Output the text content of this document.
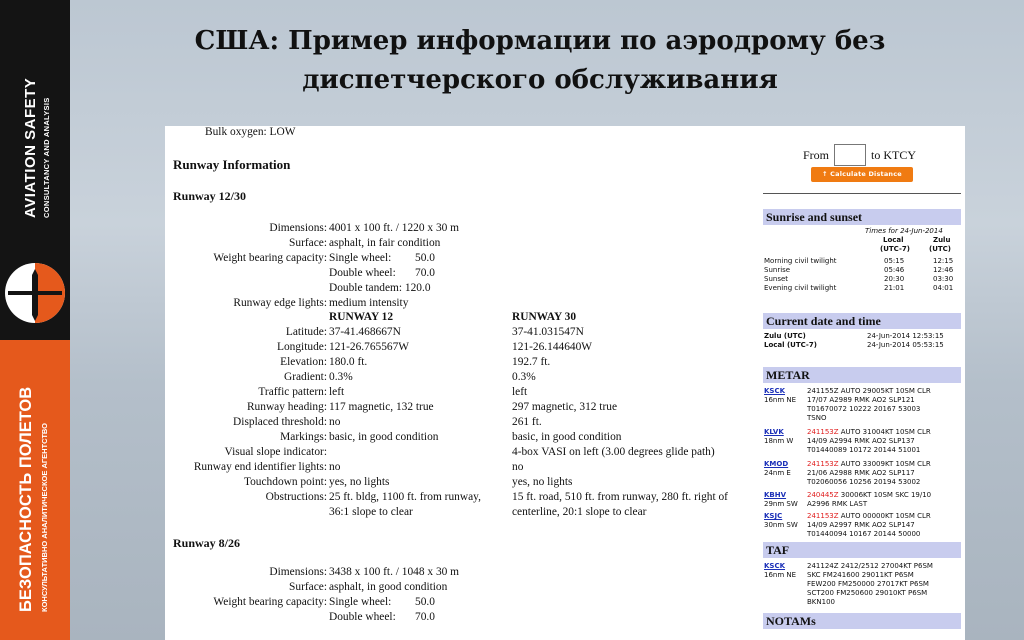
AVIATION SAFETY CONSULTANCY AND ANALYSIS
БЕЗОПАСНОСТЬ ПОЛЕТОВ КОНСУЛЬТАТИВНО АНАЛИТИЧЕСКОЕ АГЕНТСТВО
США: Пример информации по аэродрому без
диспетчерского обслуживания
Bulk oxygen: LOW
Runway Information
Runway 12/30
Dimensions: 4001 x 100 ft. / 1220 x 30 m
Surface: asphalt, in fair condition
Weight bearing capacity: Single wheel: 50.0
Double wheel: 70.0
Double tandem: 120.0
Runway edge lights: medium intensity
RUNWAY 12	RUNWAY 30
Latitude: 37-41.468667N	37-41.031547N
Longitude: 121-26.765567W	121-26.144640W
Elevation: 180.0 ft.	192.7 ft.
Gradient: 0.3%	0.3%
Traffic pattern: left	left
Runway heading: 117 magnetic, 132 true	297 magnetic, 312 true
Displaced threshold: no	261 ft.
Markings: basic, in good condition	basic, in good condition
Visual slope indicator:	4-box VASI on left (3.00 degrees glide path)
Runway end identifier lights: no	no
Touchdown point: yes, no lights	yes, no lights
Obstructions: 25 ft. bldg, 1100 ft. from runway,	15 ft. road, 510 ft. from runway, 280 ft. right of
36:1 slope to clear	centerline, 20:1 slope to clear
Runway 8/26
Dimensions: 3438 x 100 ft. / 1048 x 30 m
Surface: asphalt, in good condition
Weight bearing capacity: Single wheel: 50.0
Double wheel: 70.0
From	to KTCY
↑ Calculate Distance
Sunrise and sunset
Times for 24-Jun-2014
Local
(UTC-7)
Zulu
(UTC)
Morning civil twilight	05:15	12:15
Sunrise	05:46	12:46
Sunset	20:30	03:30
Evening civil twilight	21:01	04:01
Current date and time
Zulu (UTC)	24-Jun-2014 12:53:15
Local (UTC-7)	24-Jun-2014 05:53:15
METAR
KSCK
16nm NE
241155Z AUTO 29005KT 10SM CLR
17/07 A2989 RMK AO2 SLP121
T01670072 10222 20167 53003
TSNO
KLVK
18nm W
241153Z AUTO 31004KT 10SM CLR
14/09 A2994 RMK AO2 SLP137
T01440089 10172 20144 51001
KMOD
24nm E
241153Z AUTO 33009KT 10SM CLR
21/06 A2988 RMK AO2 SLP117
T02060056 10256 20194 53002
KBHV
29nm SW
240445Z 30006KT 10SM SKC 19/10
A2996 RMK LAST
KSJC
30nm SW
241153Z AUTO 00000KT 10SM CLR
14/09 A2997 RMK AO2 SLP147
T01440094 10167 20144 50000
TAF
KSCK
16nm NE
241124Z 2412/2512 27004KT P6SM
SKC FM241600 29011KT P6SM
FEW200 FM250000 27017KT P6SM
SCT200 FM250600 29010KT P6SM
BKN100
NOTAMs
